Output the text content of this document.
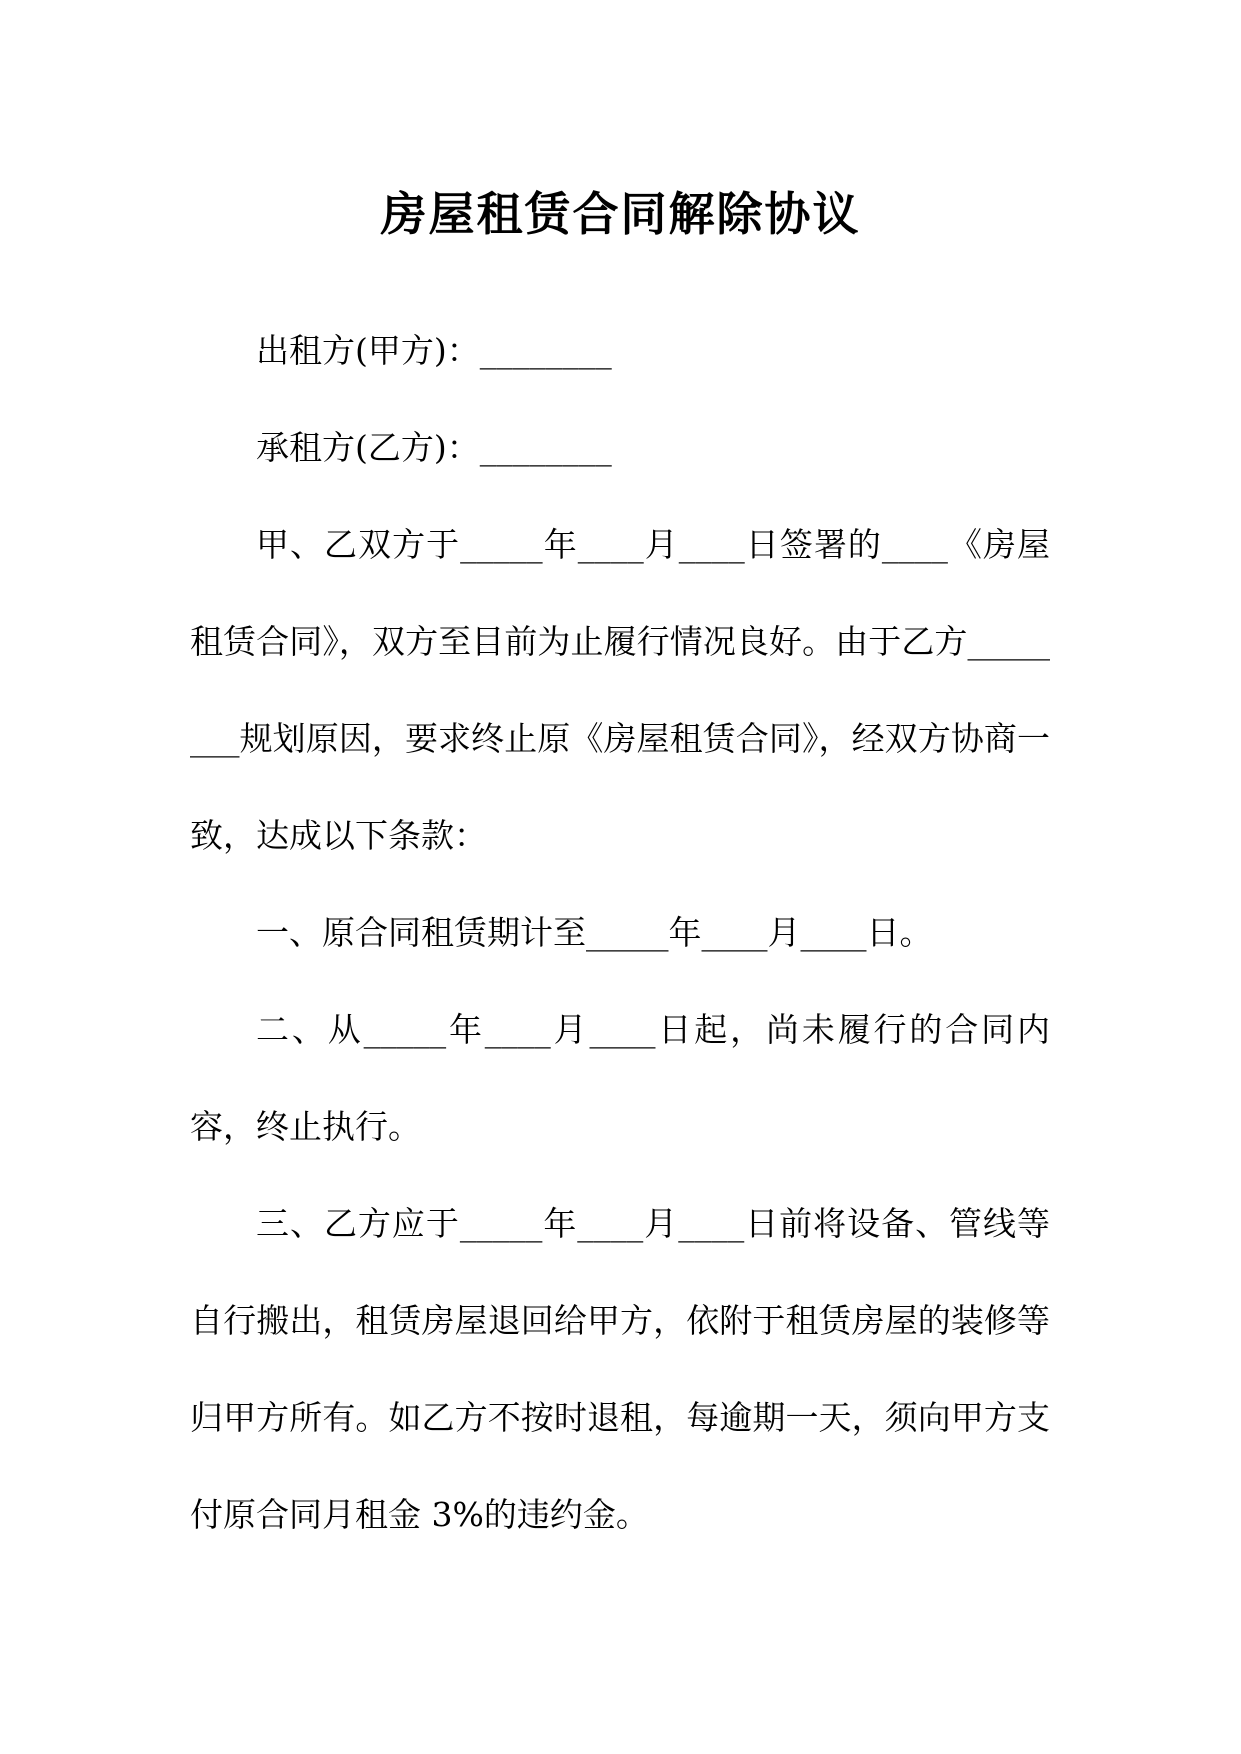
房屋租赁合同解除协议

出租方(甲方)：________

承租方(乙方)：________

甲、乙双方于_____年____月____日签署的____《房屋租赁合同》，双方至目前为止履行情况良好。由于乙方________规划原因，要求终止原《房屋租赁合同》，经双方协商一致，达成以下条款：

一、原合同租赁期计至_____年____月____日。

二、从_____年____月____日起，尚未履行的合同内容，终止执行。

三、乙方应于_____年____月____日前将设备、管线等自行搬出，租赁房屋退回给甲方，依附于租赁房屋的装修等归甲方所有。如乙方不按时退租，每逾期一天，须向甲方支付原合同月租金 3%的违约金。
